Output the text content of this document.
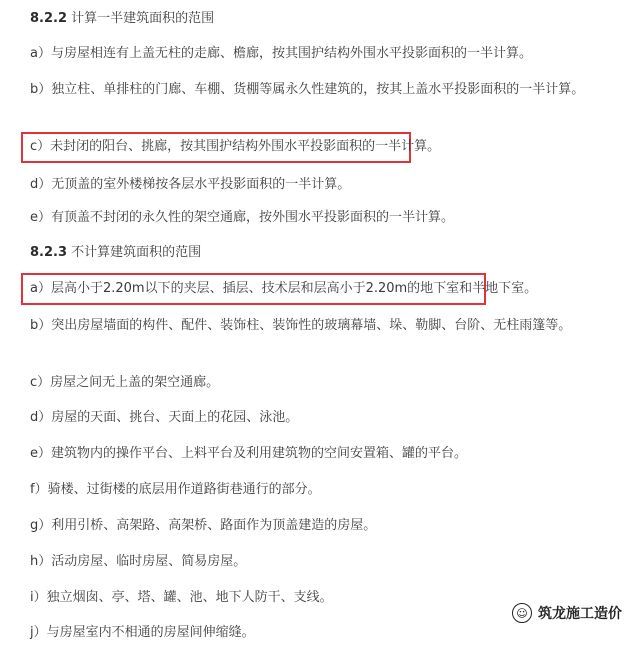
8.2.2 计算一半建筑面积的范围
a）与房屋相连有上盖无柱的走廊、檐廊，按其围护结构外围水平投影面积的一半计算。
b）独立柱、单排柱的门廊、车棚、货棚等属永久性建筑的，按其上盖水平投影面积的一半计算。
c）未封闭的阳台、挑廊，按其围护结构外围水平投影面积的一半计算。
d）无顶盖的室外楼梯按各层水平投影面积的一半计算。
e）有顶盖不封闭的永久性的架空通廊，按外围水平投影面积的一半计算。
8.2.3 不计算建筑面积的范围
a）层高小于2.20m以下的夹层、插层、技术层和层高小于2.20m的地下室和半地下室。
b）突出房屋墙面的构件、配件、装饰柱、装饰性的玻璃幕墙、垛、勒脚、台阶、无柱雨篷等。
c）房屋之间无上盖的架空通廊。
d）房屋的天面、挑台、天面上的花园、泳池。
e）建筑物内的操作平台、上料平台及利用建筑物的空间安置箱、罐的平台。
f）骑楼、过街楼的底层用作道路街巷通行的部分。
g）利用引桥、高架路、高架桥、路面作为顶盖建造的房屋。
h）活动房屋、临时房屋、简易房屋。
i）独立烟囱、亭、塔、罐、池、地下人防干、支线。
j）与房屋室内不相通的房屋间伸缩缝。
☺ 筑龙施工造价
